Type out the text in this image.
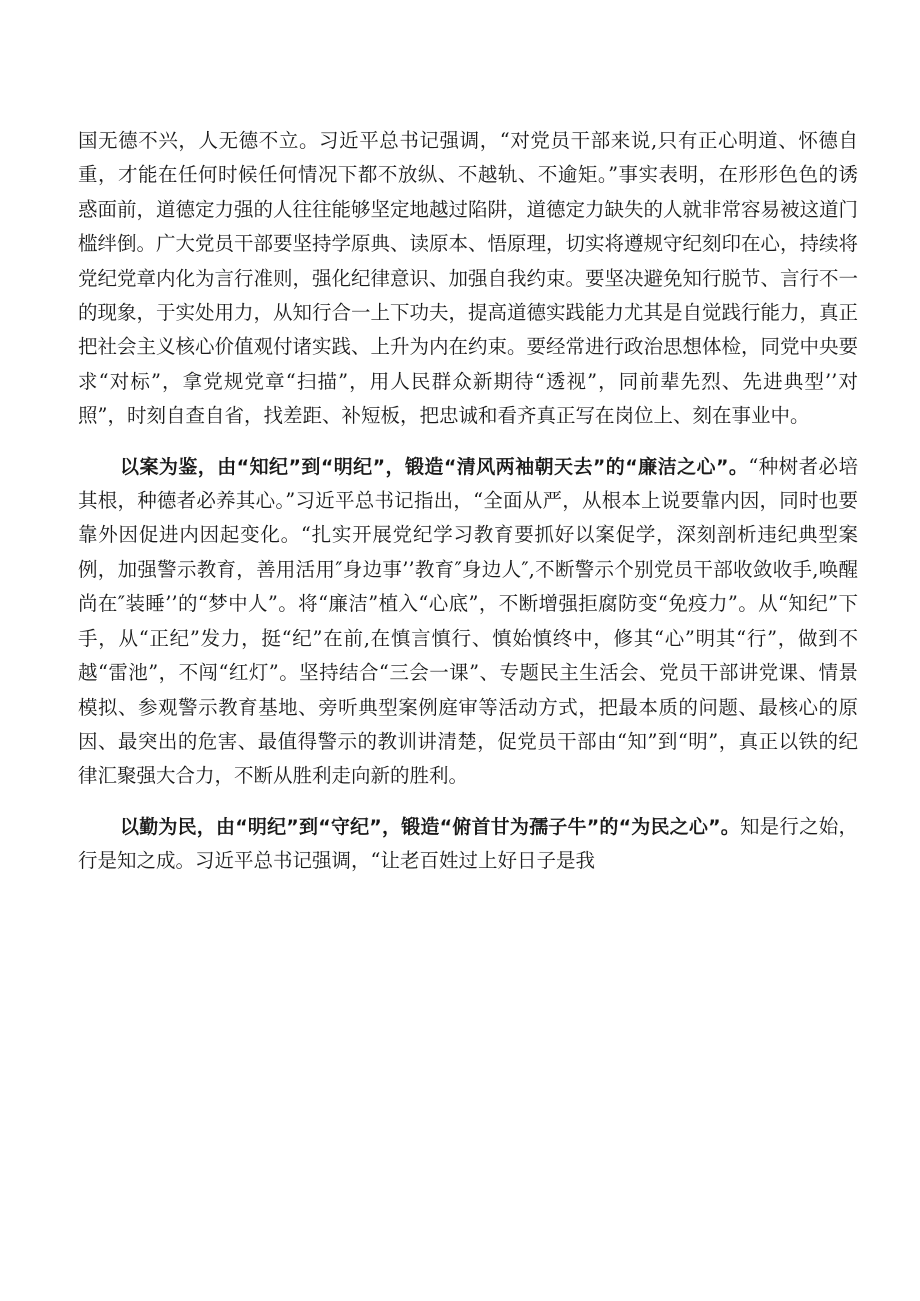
国无德不兴，人无德不立。习近平总书记强调，“对党员干部来说,只有正心明道、怀德自重，才能在任何时候任何情况下都不放纵、不越轨、不逾矩。”事实表明，在形形色色的诱惑面前，道德定力强的人往往能够坚定地越过陷阱，道德定力缺失的人就非常容易被这道门槛绊倒。广大党员干部要坚持学原典、读原本、悟原理，切实将遵规守纪刻印在心，持续将党纪党章内化为言行准则，强化纪律意识、加强自我约束。要坚决避免知行脱节、言行不一的现象，于实处用力，从知行合一上下功夫，提高道德实践能力尤其是自觉践行能力，真正把社会主义核心价值观付诸实践、上升为内在约束。要经常进行政治思想体检，同党中央要求“对标”，拿党规党章“扫描”，用人民群众新期待“透视”，同前辈先烈、先进典型’’对照”，时刻自查自省，找差距、补短板，把忠诚和看齐真正写在岗位上、刻在事业中。

以案为鉴，由“知纪”到“明纪”，锻造“清风两袖朝天去”的“廉洁之心”。“种树者必培其根，种德者必养其心。”习近平总书记指出，“全面从严，从根本上说要靠内因，同时也要靠外因促进内因起变化。“扎实开展党纪学习教育要抓好以案促学，深刻剖析违纪典型案例，加强警示教育，善用活用″身边事’’教育″身边人″,不断警示个别党员干部收敛收手,唤醒尚在″装睡’’的“梦中人”。将“廉洁”植入“心底”，不断增强拒腐防变“免疫力”。从“知纪”下手，从“正纪”发力，挺“纪”在前,在慎言慎行、慎始慎终中，修其“心”明其“行”，做到不越“雷池”，不闯“红灯”。坚持结合“三会一课”、专题民主生活会、党员干部讲党课、情景模拟、参观警示教育基地、旁听典型案例庭审等活动方式，把最本质的问题、最核心的原因、最突出的危害、最值得警示的教训讲清楚，促党员干部由“知”到“明”，真正以铁的纪律汇聚强大合力，不断从胜利走向新的胜利。

以勤为民，由“明纪”到“守纪”，锻造“俯首甘为孺子牛”的“为民之心”。知是行之始，行是知之成。习近平总书记强调，“让老百姓过上好日子是我
